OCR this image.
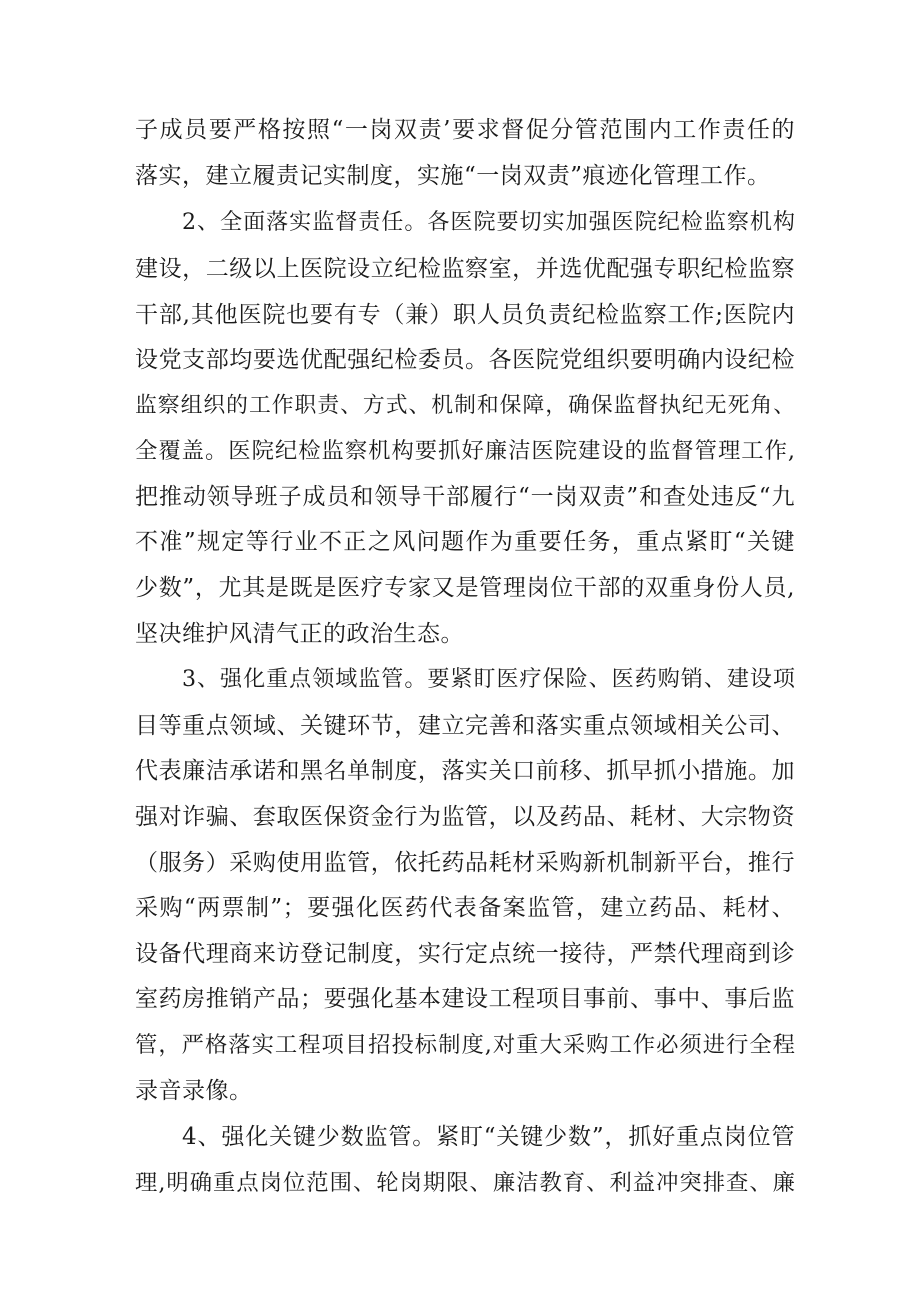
子成员要严格按照“一岗双责’要求督促分管范围内工作责任的
落实，建立履责记实制度，实施“一岗双责”痕迹化管理工作。
2、全面落实监督责任。各医院要切实加强医院纪检监察机构
建设，二级以上医院设立纪检监察室，并选优配强专职纪检监察
干部,其他医院也要有专（兼）职人员负责纪检监察工作;医院内
设党支部均要选优配强纪检委员。各医院党组织要明确内设纪检
监察组织的工作职责、方式、机制和保障，确保监督执纪无死角、
全覆盖。医院纪检监察机构要抓好廉洁医院建设的监督管理工作,
把推动领导班子成员和领导干部履行“一岗双责”和查处违反“九
不准”规定等行业不正之风问题作为重要任务，重点紧盯“关键
少数”，尤其是既是医疗专家又是管理岗位干部的双重身份人员,
坚决维护风清气正的政治生态。
3、强化重点领域监管。要紧盯医疗保险、医药购销、建设项
目等重点领域、关键环节，建立完善和落实重点领域相关公司、
代表廉洁承诺和黑名单制度，落实关口前移、抓早抓小措施。加
强对诈骗、套取医保资金行为监管，以及药品、耗材、大宗物资
（服务）采购使用监管，依托药品耗材采购新机制新平台，推行
采购“两票制”；要强化医药代表备案监管，建立药品、耗材、
设备代理商来访登记制度，实行定点统一接待，严禁代理商到诊
室药房推销产品；要强化基本建设工程项目事前、事中、事后监
管，严格落实工程项目招投标制度,对重大采购工作必须进行全程
录音录像。
4、强化关键少数监管。紧盯“关键少数”，抓好重点岗位管
理,明确重点岗位范围、轮岗期限、廉洁教育、利益冲突排查、廉
